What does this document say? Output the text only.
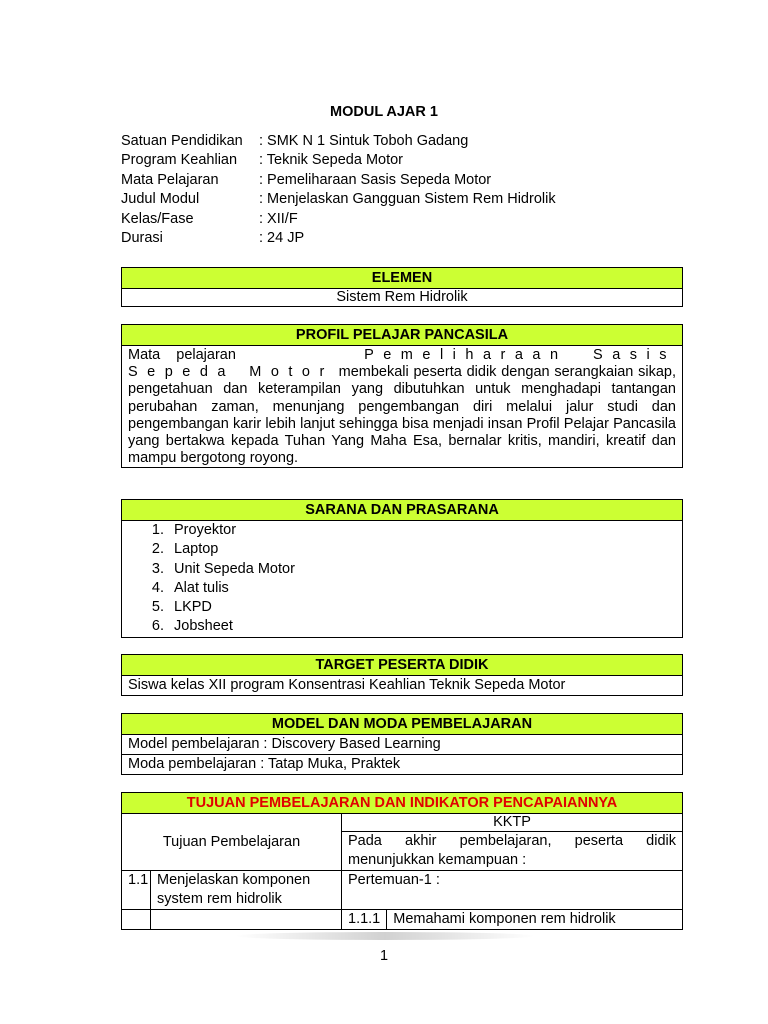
MODUL AJAR 1
Satuan Pendidikan : SMK N 1 Sintuk Toboh Gadang
Program Keahlian : Teknik Sepeda Motor
Mata Pelajaran	: Pemeliharaan Sasis Sepeda Motor
Judul Modul	: Menjelaskan Gangguan Sistem Rem Hidrolik
Kelas/Fase	: XII/F
Durasi	: 24 JP
ELEMEN
Sistem Rem Hidrolik
PROFIL PELAJAR PANCASILA
Mata pelajaran	Pemeliharaan Sasis Sepeda Motor membekali peserta didik dengan serangkaian sikap, pengetahuan dan keterampilan yang dibutuhkan untuk menghadapi tantangan perubahan zaman, menunjang pengembangan diri melalui jalur studi dan pengembangan karir lebih lanjut sehingga bisa menjadi insan Profil Pelajar Pancasila yang bertakwa kepada Tuhan Yang Maha Esa, bernalar kritis, mandiri, kreatif dan mampu bergotong royong.
SARANA DAN PRASARANA
1. Proyektor
2. Laptop
3. Unit Sepeda Motor
4. Alat tulis
5. LKPD
6. Jobsheet
TARGET PESERTA DIDIK
Siswa kelas XII program Konsentrasi Keahlian Teknik Sepeda Motor
MODEL DAN MODA PEMBELAJARAN
Model pembelajaran : Discovery Based Learning
Moda pembelajaran : Tatap Muka, Praktek
TUJUAN PEMBELAJARAN DAN INDIKATOR PENCAPAIANNYA
Tujuan Pembelajaran		KKTP	
		Pada akhir pembelajaran, peserta didik menunjukkan kemampuan :	
1.1	Menjelaskan komponen system rem hidrolik	Pertemuan-1 :	
		1.1.1	Memahami komponen rem hidrolik
1
